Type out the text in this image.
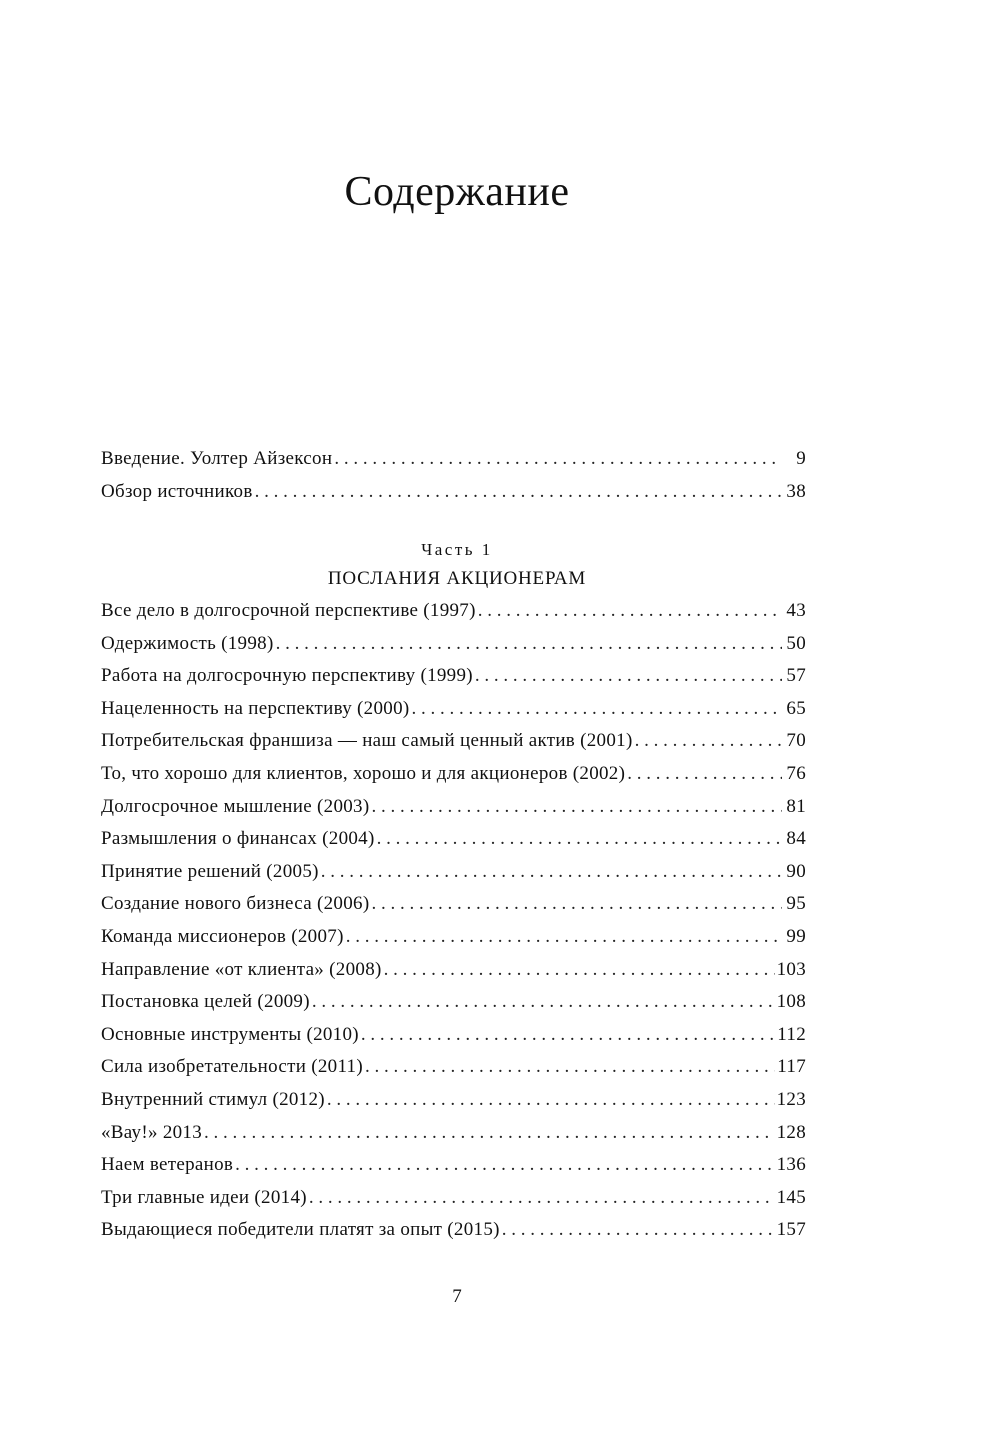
Содержание
Введение. Уолтер Айзексон . . .	9
Обзор источников . . .	38
Часть 1
ПОСЛАНИЯ АКЦИОНЕРАМ
Все дело в долгосрочной перспективе (1997) . . .	43
Одержимость (1998) . . .	50
Работа на долгосрочную перспективу (1999) . . .	57
Нацеленность на перспективу (2000) . . .	65
Потребительская франшиза — наш самый ценный актив (2001) . . .	70
То, что хорошо для клиентов, хорошо и для акционеров (2002) . . .	76
Долгосрочное мышление (2003) . . .	81
Размышления о финансах (2004) . . .	84
Принятие решений (2005) . . .	90
Создание нового бизнеса (2006) . . .	95
Команда миссионеров (2007) . . .	99
Направление «от клиента» (2008) . . .	103
Постановка целей (2009) . . .	108
Основные инструменты (2010) . . .	112
Сила изобретательности (2011) . . .	117
Внутренний стимул (2012) . . .	123
«Вау!» 2013 . . .	128
Наем ветеранов . . .	136
Три главные идеи (2014) . . .	145
Выдающиеся победители платят за опыт (2015) . . .	157
7
